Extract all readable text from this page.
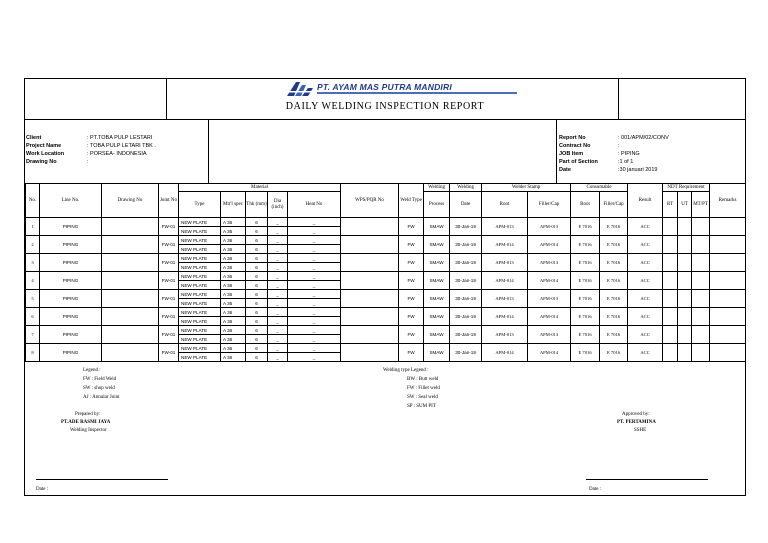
PT. AYAM MAS PUTRA MANDIRI
DAILY WELDING INSPECTION REPORT
Client	: PT.TOBA PULP LESTARI
Project Name	: TOBA PULP LETARI TBK .
Work Location	: PORSEA- INDONESIA
Drawing No	:
Report No	: 001/APM/02/CONV
Contract No	:
JOB Item	: PIPING
Part of Section	:1 of 1
Date	:30 januari 2019
No.	Line No.	Drawing No	Joint No	Material					WPS/PQR No	Weld Type	Welding	Welding	Welder Stamp		Consumable		Result	NDT Requirement			Remarks
				Type	Mtr'l spec	Thk (mm)	Dia (inch)	Heat No			Process	Date	Root	Filler/Cap	Root	Filler/Cap		RT	UT	MT/PT	
1	PIPING		FW-01	NEW PLATE	A 36	6	_	_		FW	SMAW	30-Jan-19	APM-013	APM-013	E 7016	E 7016	ACC				
				NEW PLATE	A 36	6	_	_													
2	PIPING		FW-01	NEW PLATE	A 36	6	_	_		FW	SMAW	30-Jan-19	APM-014	APM-014	E 7016	E 7016	ACC				
				NEW PLATE	A 36	6	_	_													
3	PIPING		FW-01	NEW PLATE	A 36	6	_	_		FW	SMAW	30-Jan-19	APM-013	APM-013	E 7016	E 7016	ACC				
				NEW PLATE	A 36	6	_	_													
4	PIPING		FW-01	NEW PLATE	A 36	6	_	_		FW	SMAW	30-Jan-19	APM-014	APM-014	E 7016	E 7016	ACC				
				NEW PLATE	A 36	6	_	_													
5	PIPING		FW-01	NEW PLATE	A 36	6	_	_		FW	SMAW	30-Jan-19	APM-013	APM-013	E 7016	E 7016	ACC				
				NEW PLATE	A 36	6	_	_													
6	PIPING		FW-01	NEW PLATE	A 36	6	_	_		FW	SMAW	30-Jan-19	APM-014	APM-014	E 7016	E 7016	ACC				
				NEW PLATE	A 36	6	_	_													
7	PIPING		FW-01	NEW PLATE	A 36	6	_	_		FW	SMAW	30-Jan-19	APM-013	APM-013	E 7016	E 7016	ACC				
				NEW PLATE	A 36	6	_	_													
8	PIPING		FW-01	NEW PLATE	A 36	6	_	_		FW	SMAW	30-Jan-19	APM-014	APM-014	E 7016	E 7016	ACC				
				NEW PLATE	A 36	6	_	_													
Legend :
FW : Field Weld
SW : shop weld
AJ : Annular Joint
Welding type Legend :
BW : Butt weld
FW : Fillet weld
SW : Seal weld
SP : SUM PIT
Prepared by:
PT.ADE RASMI JAYA
Welding Inspector
Approved by:
PT. PERTAMINA
SSHE
Date :	Date :
